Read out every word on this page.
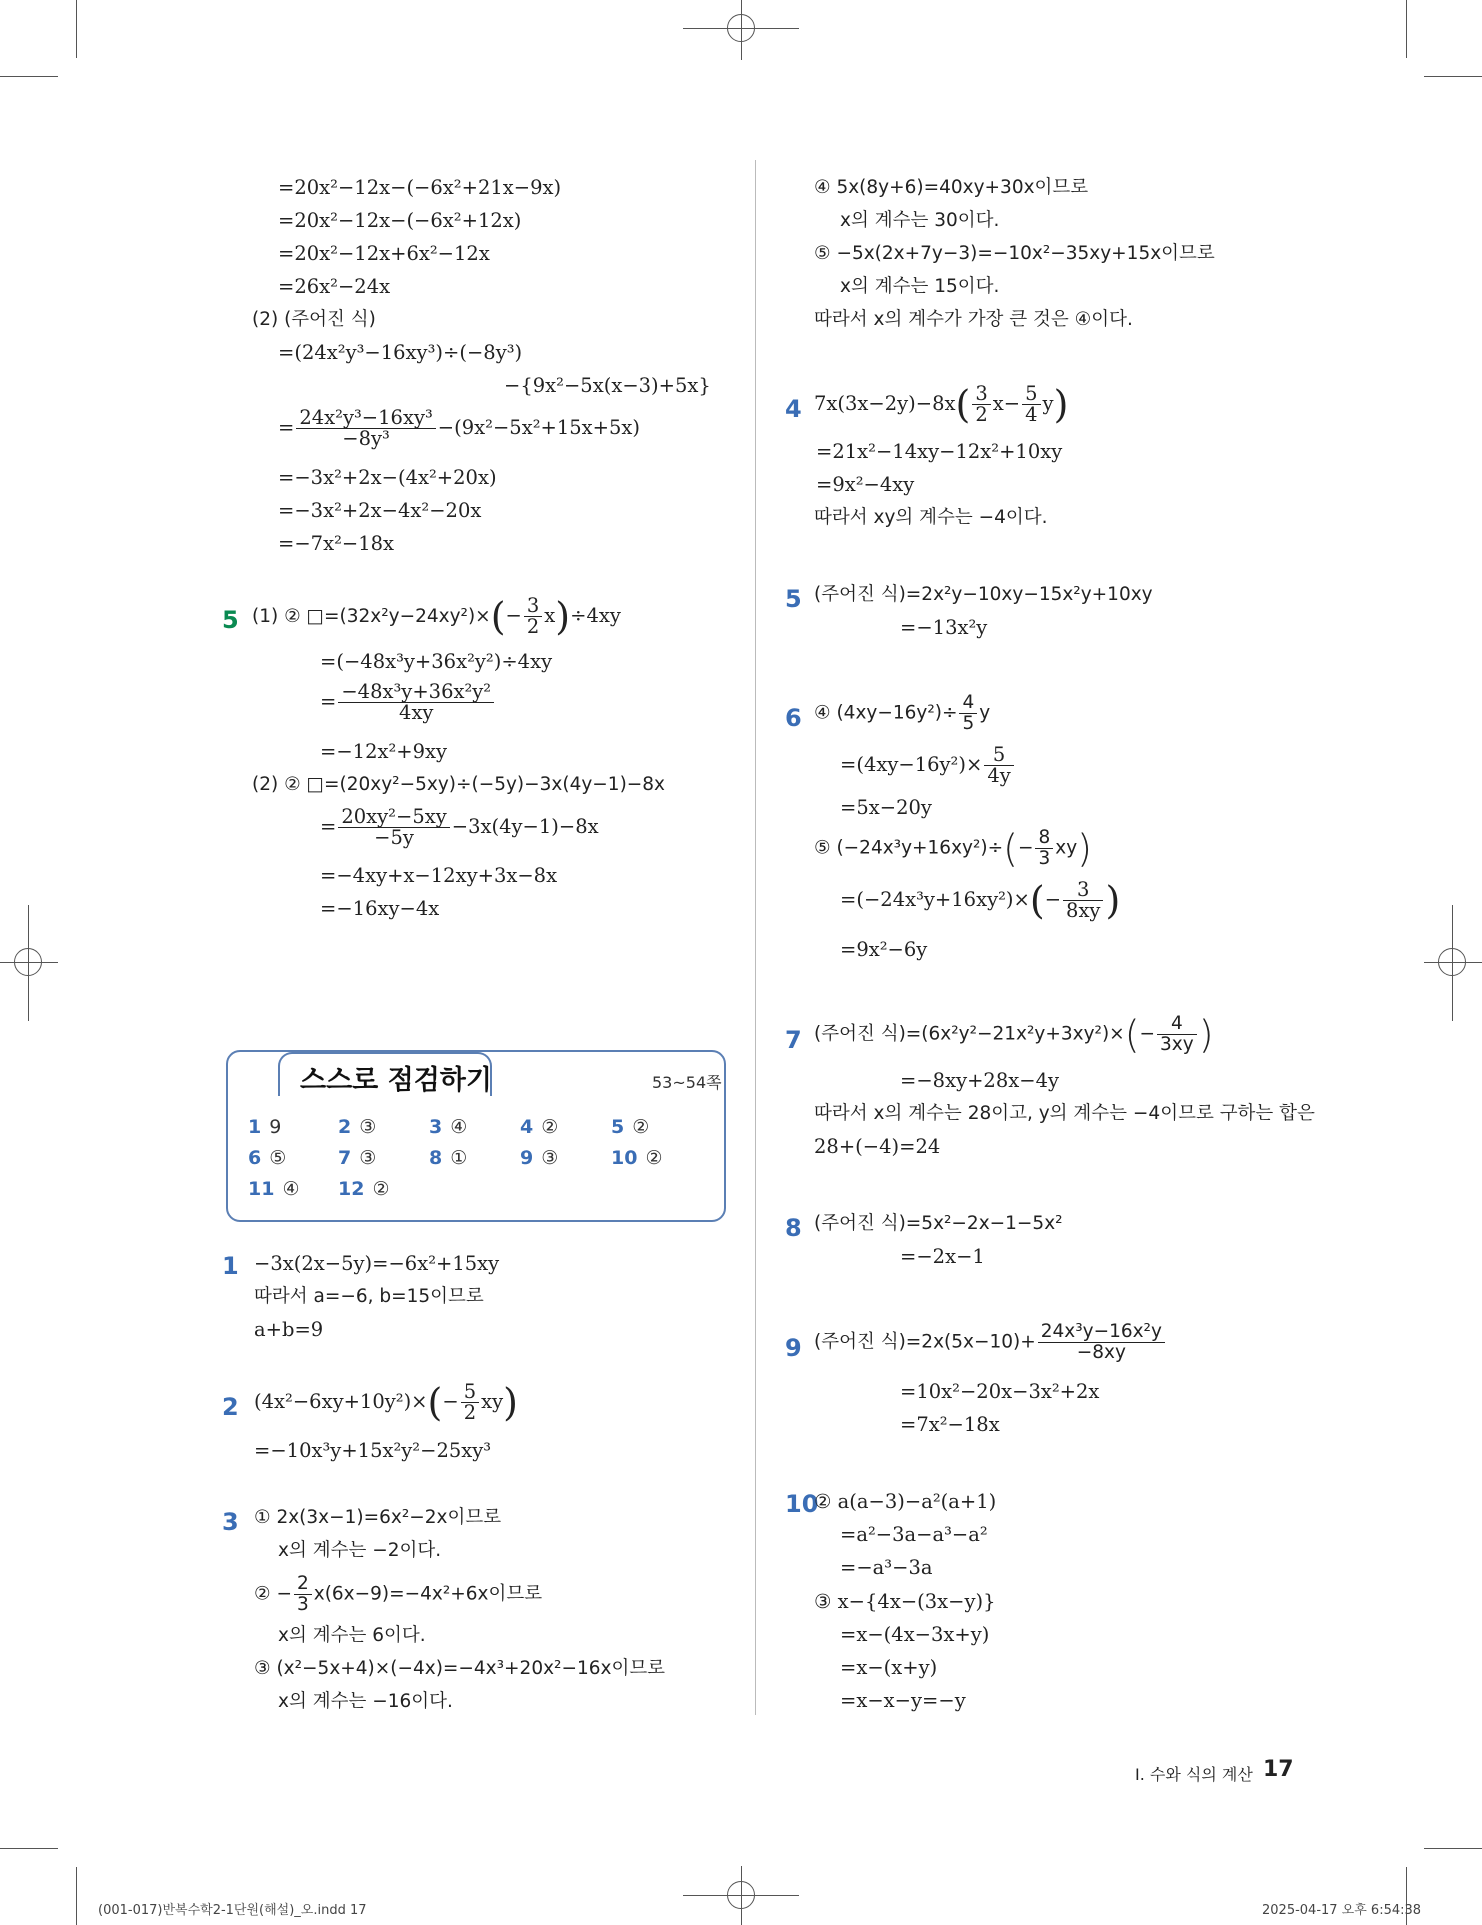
=20x²−12x−(−6x²+21x−9x)
=20x²−12x−(−6x²+12x)
=20x²−12x+6x²−12x
=26x²−24x
(2) (주어진 식)
=(24x²y³−16xy³)÷(−8y³)
−{9x²−5x(x−3)+5x}
= $\frac{\text{24x²y³−16xy³}}{\text{−8y³}} -(9x^2-5x^2+15x+5x)$
=−3x²+2x−(4x²+20x)
=−3x²+2x−4x²−20x
=−7x²−18x
5 (1) ② □=(32x²y−24xy²)×(− $\frac{3}{2} x)\div 4xy$
=(−48x³y+36x²y²)÷4xy
= $\frac{\text{−48x³y+36x²y²}}{4xy}$
=−12x²+9xy
(2) ② □=(20xy²−5xy)÷(−5y)−3x(4y−1)−8x
= $\frac{\text{20xy²−5xy}}{-5y} -3x(4y-1)-8x$
=−4xy+x−12xy+3x−8x
=−16xy−4x
스스로 점검하기	53~54쪽
1 9	2 ③	3 ④	4 ②	5 ②
6 ⑤	7 ③	8 ①	9 ③	10 ②
11 ④ 12 ②
1 −3x(2x−5y)=−6x²+15xy
따라서 a=−6, b=15이므로
a+b=9
2 $(4x^2-6xy+10y^2)\times(- \frac{5}{2} xy)$
=−10x³y+15x²y²−25xy³
3 ① 2x(3x−1)=6x²−2x이므로
x의 계수는 −2이다.
② − $\frac{2}{3} x(6x-9)=-4x^2+6x$이므로
x의 계수는 6이다.
③ (x²−5x+4)×(−4x)=−4x³+20x²−16x이므로
x의 계수는 −16이다.
④ 5x(8y+6)=40xy+30x이므로
x의 계수는 30이다.
⑤ −5x(2x+7y−3)=−10x²−35xy+15x이므로
x의 계수는 15이다.
따라서 x의 계수가 가장 큰 것은 ④이다.
4 $7x(3x-2y)-8x( \frac{3}{2} x- \frac{5}{4} y)$
=21x²−14xy−12x²+10xy
=9x²−4xy
따라서 xy의 계수는 −4이다.
5 (주어진 식)=2x²y−10xy−15x²y+10xy
=−13x²y
6 ④ $(4xy-16y^2)\div \frac{4}{5}$ y
$=(4xy-16y^2)\times \frac{5}{4y}$
=5x−20y
⑤ $(-24x^3y+16xy^2)\div(- \frac{8}{3} xy)$
$=(-24x^3y+16xy^2)\times(- \frac{3}{8xy}$ )
=9x²−6y
7 (주어진 식)$=(6x^2y^2-21x^2y+3xy^2)\times(- \frac{4}{3xy}$ )
=−8xy+28x−4y
따라서 x의 계수는 28이고, y의 계수는 −4이므로 구하는 합은
28+(−4)=24
8 (주어진 식)=5x²−2x−1−5x²
=−2x−1
9 (주어진 식)$=2x(5x-10)+ \frac{\text{24x³y−16x²y}}{-8xy}$
=10x²−20x−3x²+2x
=7x²−18x
10
② a(a−3)−a²(a+1)
=a²−3a−a³−a²
=−a³−3a
③ x−{4x−(3x−y)}
=x−(4x−3x+y)
=x−(x+y)
=x−x−y=−y
I. 수와 식의 계산 17
(001-017)반복수학2-1단원(해설)_오.indd 17	2025-04-17 오후 6:54:38
